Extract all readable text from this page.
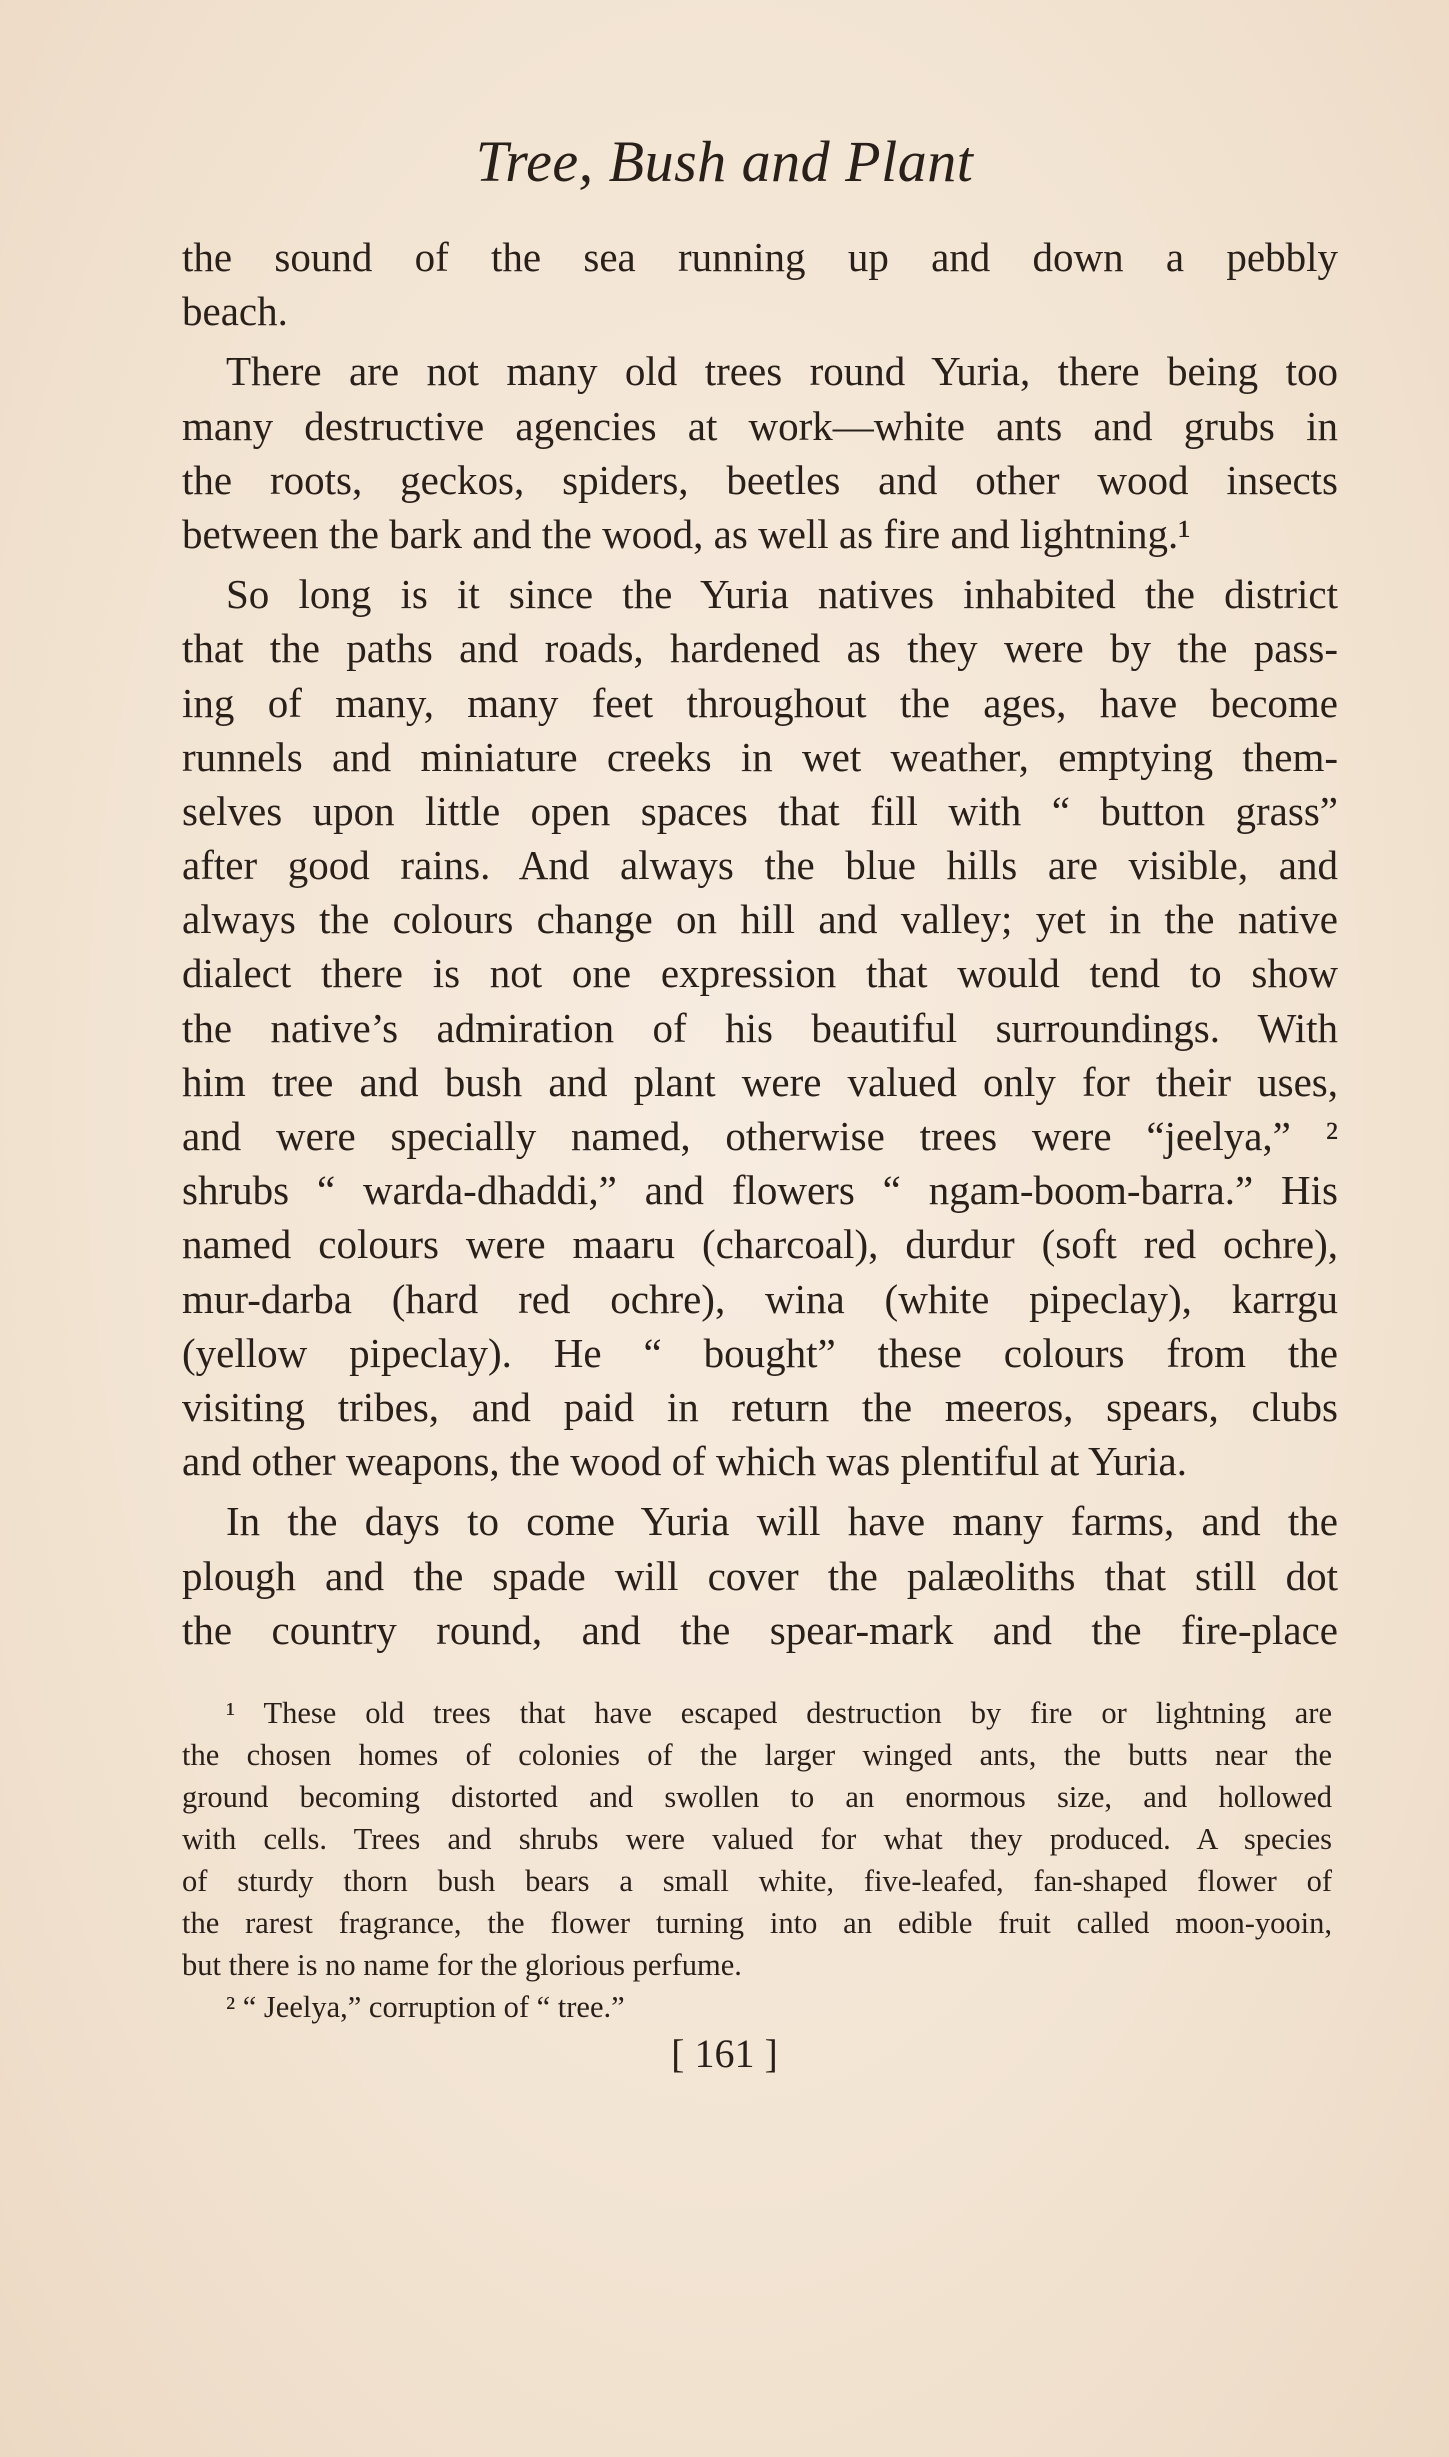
Tree, Bush and Plant
the sound of the sea running up and down a pebbly
beach.
There are not many old trees round Yuria, there being too
many destructive agencies at work—white ants and grubs in
the roots, geckos, spiders, beetles and other wood insects
between the bark and the wood, as well as fire and lightning.¹
So long is it since the Yuria natives inhabited the district
that the paths and roads, hardened as they were by the pass-
ing of many, many feet throughout the ages, have become
runnels and miniature creeks in wet weather, emptying them-
selves upon little open spaces that fill with “ button grass”
after good rains. And always the blue hills are visible, and
always the colours change on hill and valley; yet in the native
dialect there is not one expression that would tend to show
the native’s admiration of his beautiful surroundings. With
him tree and bush and plant were valued only for their uses,
and were specially named, otherwise trees were “jeelya,” ²
shrubs “ warda-dhaddi,” and flowers “ ngam-boom-barra.” His
named colours were maaru (charcoal), durdur (soft red ochre),
mur-darba (hard red ochre), wina (white pipeclay), karrgu
(yellow pipeclay). He “ bought” these colours from the
visiting tribes, and paid in return the meeros, spears, clubs
and other weapons, the wood of which was plentiful at Yuria.
In the days to come Yuria will have many farms, and the
plough and the spade will cover the palæoliths that still dot
the country round, and the spear-mark and the fire-place
¹ These old trees that have escaped destruction by fire or lightning are
the chosen homes of colonies of the larger winged ants, the butts near the
ground becoming distorted and swollen to an enormous size, and hollowed
with cells. Trees and shrubs were valued for what they produced. A species
of sturdy thorn bush bears a small white, five-leafed, fan-shaped flower of
the rarest fragrance, the flower turning into an edible fruit called moon-yooin,
but there is no name for the glorious perfume.
² “ Jeelya,” corruption of “ tree.”
[ 161 ]
